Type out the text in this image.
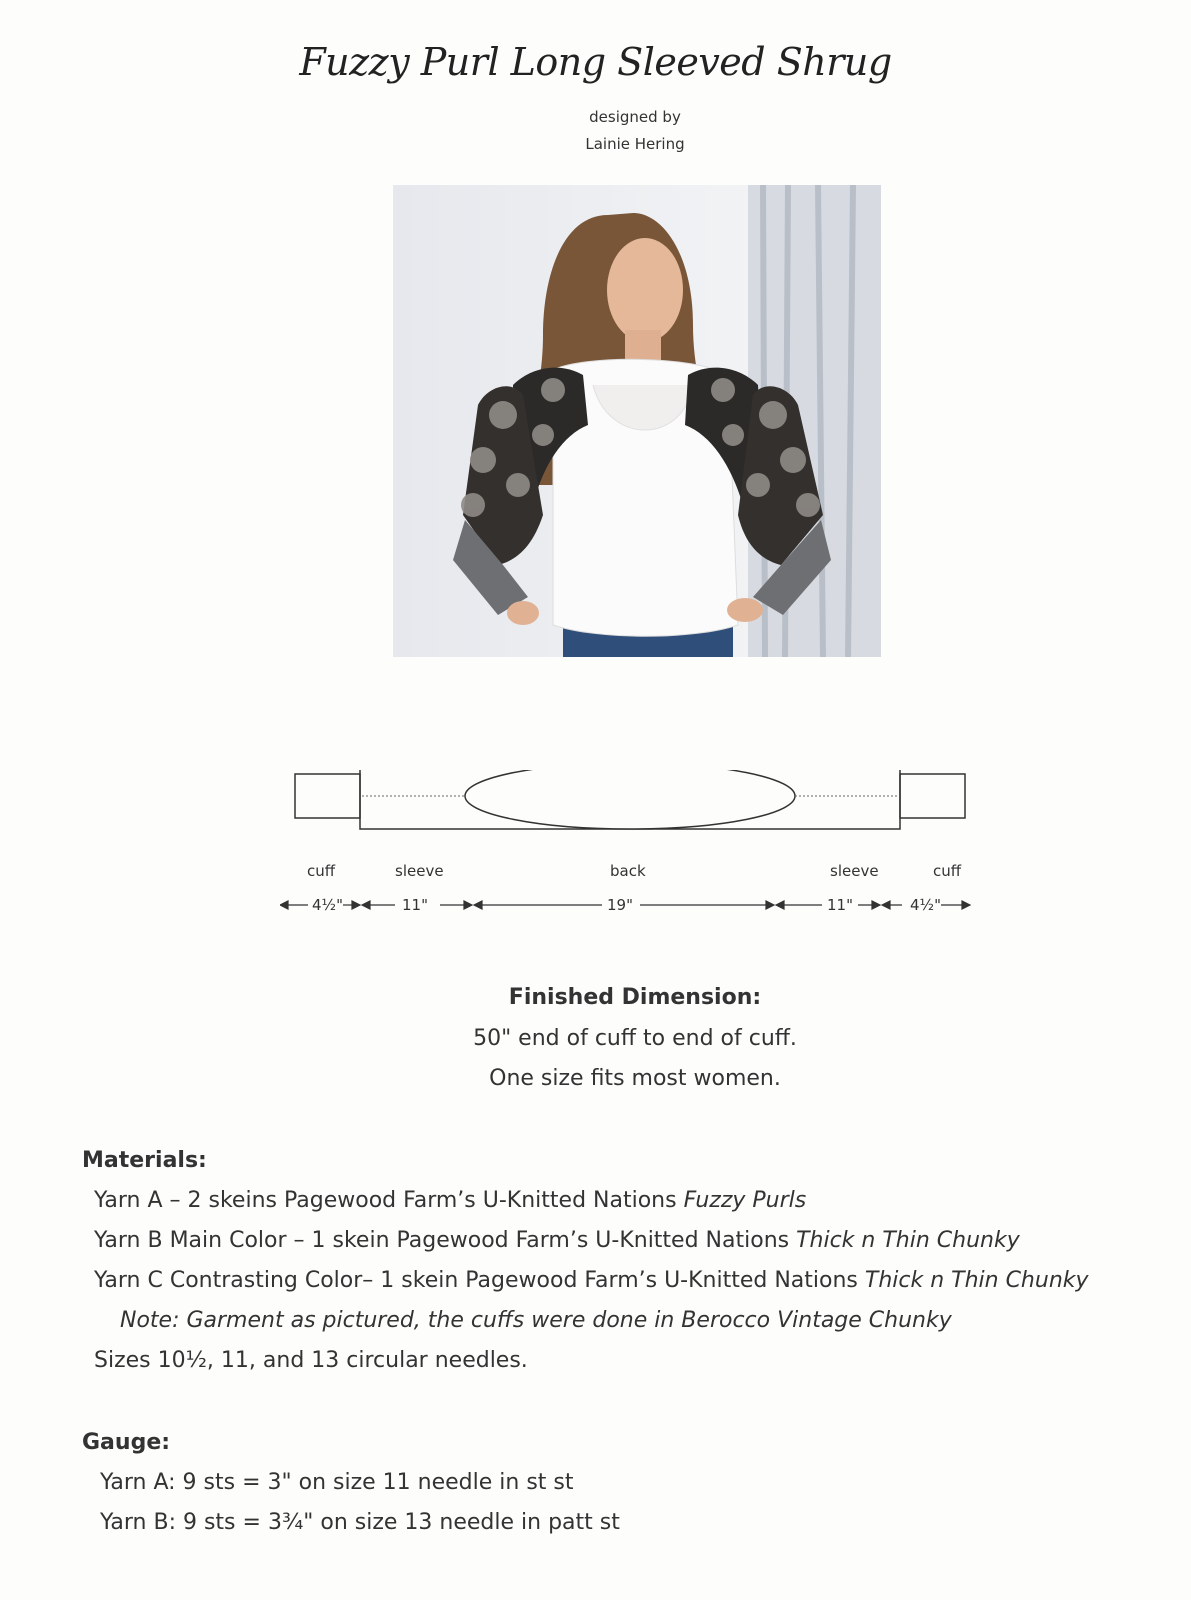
Fuzzy Purl Long Sleeved Shrug
designed by
Lainie Hering
cuff	sleeve	back	sleeve	cuff
4½"	11"	19"	11"	4½"
Finished Dimension:
50" end of cuff to end of cuff.
One size fits most women.
Materials:
Yarn A – 2 skeins Pagewood Farm’s U-Knitted Nations Fuzzy Purls
Yarn B Main Color – 1 skein Pagewood Farm’s U-Knitted Nations Thick n Thin Chunky
Yarn C Contrasting Color– 1 skein Pagewood Farm’s U-Knitted Nations Thick n Thin Chunky
Note: Garment as pictured, the cuffs were done in Berocco Vintage Chunky
Sizes 10½, 11, and 13 circular needles.
Gauge:
Yarn A: 9 sts = 3" on size 11 needle in st st
Yarn B: 9 sts = 3¾" on size 13 needle in patt st
